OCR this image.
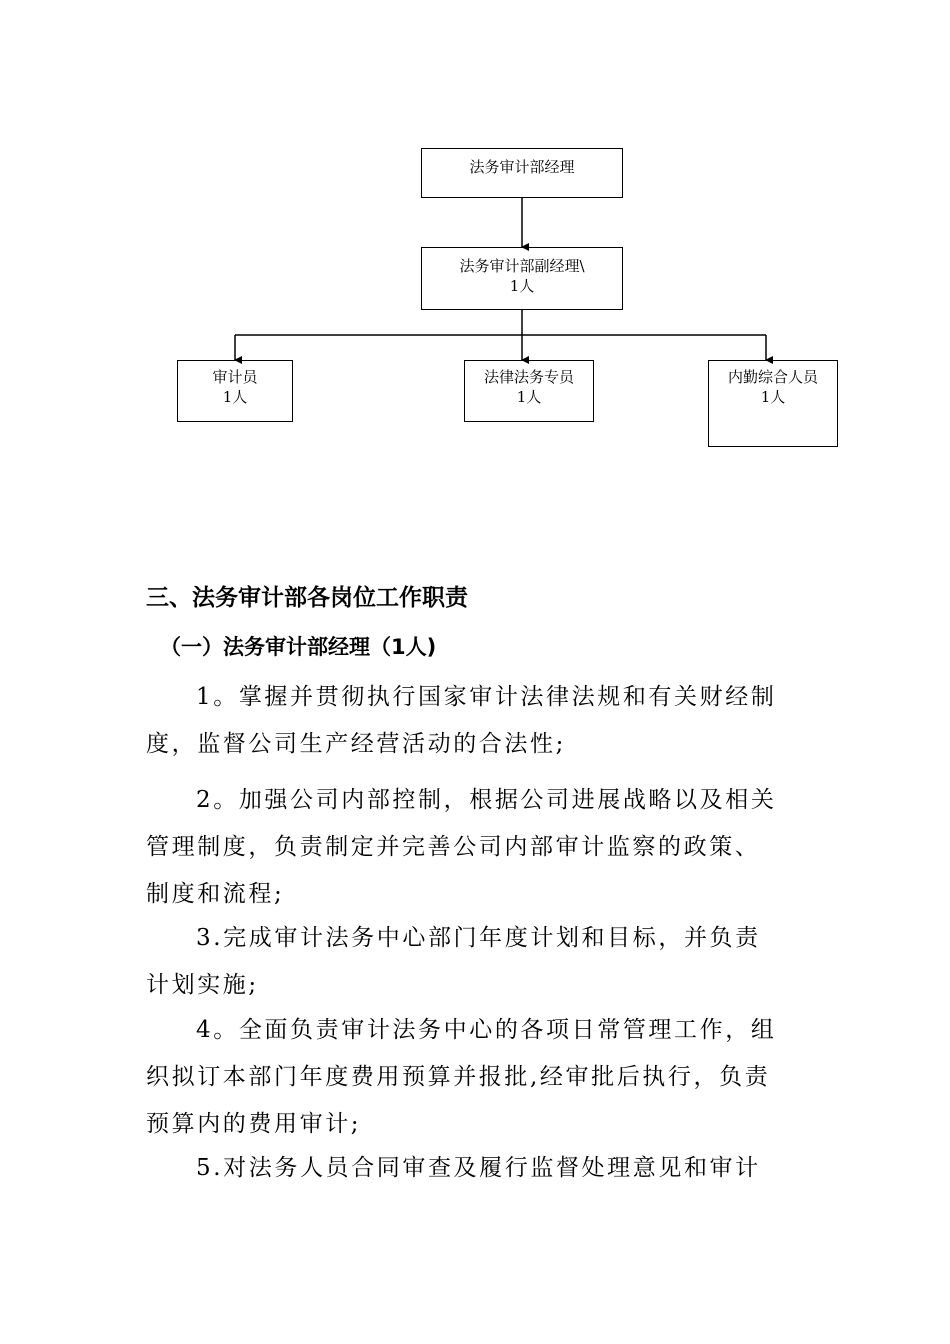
法务审计部经理
法务审计部副经理\
1人
审计员
1人
法律法务专员
1人
内勤综合人员
1人
三、法务审计部各岗位工作职责
（一）法务审计部经理（1人)
1。掌握并贯彻执行国家审计法律法规和有关财经制
度，监督公司生产经营活动的合法性;
2。加强公司内部控制，根据公司进展战略以及相关
管理制度，负责制定并完善公司内部审计监察的政策、
制度和流程;
3.完成审计法务中心部门年度计划和目标，并负责
计划实施;
4。全面负责审计法务中心的各项日常管理工作，组
织拟订本部门年度费用预算并报批,经审批后执行，负责
预算内的费用审计;
5.对法务人员合同审查及履行监督处理意见和审计
